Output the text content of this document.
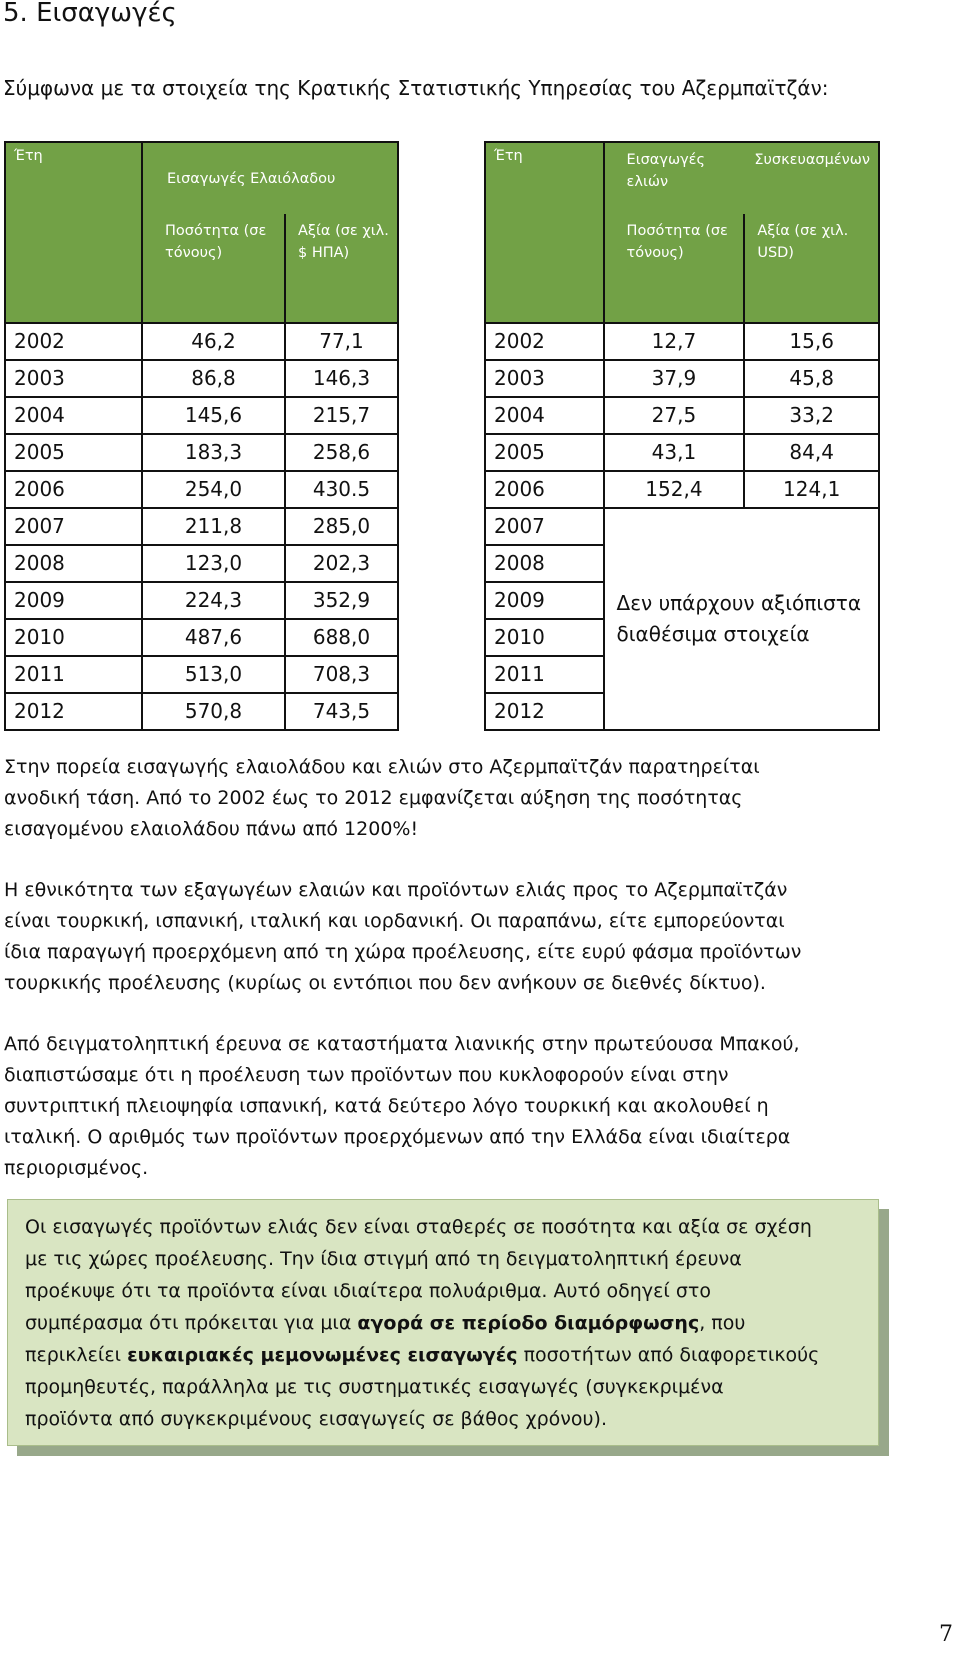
5. Εισαγωγές
Σύμφωνα με τα στοιχεία της Κρατικής Στατιστικής Υπηρεσίας του Αζερμπαϊτζάν:
Έτη	Εισαγωγές Ελαιόλαδου	
	Ποσότητα (σε τόνους)	Αξία (σε χιλ. $ ΗΠΑ)
2002	46,2	77,1
2003	86,8	146,3
2004	145,6	215,7
2005	183,3	258,6
2006	254,0	430.5
2007	211,8	285,0
2008	123,0	202,3
2009	224,3	352,9
2010	487,6	688,0
2011	513,0	708,3
2012	570,8	743,5
Έτη	Εισαγωγές ελιών	Συσκευασμένων
	Ποσότητα (σε τόνους)	Αξία (σε χιλ. USD)
2002	12,7	15,6
2003	37,9	45,8
2004	27,5	33,2
2005	43,1	84,4
2006	152,4	124,1
2007	Δεν υπάρχουν αξιόπιστα διαθέσιμα στοιχεία	
2008		
2009		
2010		
2011		
2012		
Στην πορεία εισαγωγής ελαιολάδου και ελιών στο Αζερμπαϊτζάν παρατηρείται
ανοδική τάση. Από το 2002 έως το 2012 εμφανίζεται αύξηση της ποσότητας
εισαγομένου ελαιολάδου πάνω από 1200%!
Η εθνικότητα των εξαγωγέων ελαιών και προϊόντων ελιάς προς το Αζερμπαϊτζάν
είναι τουρκική, ισπανική, ιταλική και ιορδανική. Οι παραπάνω, είτε εμπορεύονται
ίδια παραγωγή προερχόμενη από τη χώρα προέλευσης, είτε ευρύ φάσμα προϊόντων
τουρκικής προέλευσης (κυρίως οι εντόπιοι που δεν ανήκουν σε διεθνές δίκτυο).
Από δειγματοληπτική έρευνα σε καταστήματα λιανικής στην πρωτεύουσα Μπακού,
διαπιστώσαμε ότι η προέλευση των προϊόντων που κυκλοφορούν είναι στην
συντριπτική πλειοψηφία ισπανική, κατά δεύτερο λόγο τουρκική και ακολουθεί η
ιταλική. Ο αριθμός των προϊόντων προερχόμενων από την Ελλάδα είναι ιδιαίτερα
περιορισμένος.
Οι εισαγωγές προϊόντων ελιάς δεν είναι σταθερές σε ποσότητα και αξία σε σχέση
με τις χώρες προέλευσης. Την ίδια στιγμή από τη δειγματοληπτική έρευνα
προέκυψε ότι τα προϊόντα είναι ιδιαίτερα πολυάριθμα. Αυτό οδηγεί στο
συμπέρασμα ότι πρόκειται για μια αγορά σε περίοδο διαμόρφωσης, που
περικλείει ευκαιριακές μεμονωμένες εισαγωγές ποσοτήτων από διαφορετικούς
προμηθευτές, παράλληλα με τις συστηματικές εισαγωγές (συγκεκριμένα
προϊόντα από συγκεκριμένους εισαγωγείς σε βάθος χρόνου).
7
